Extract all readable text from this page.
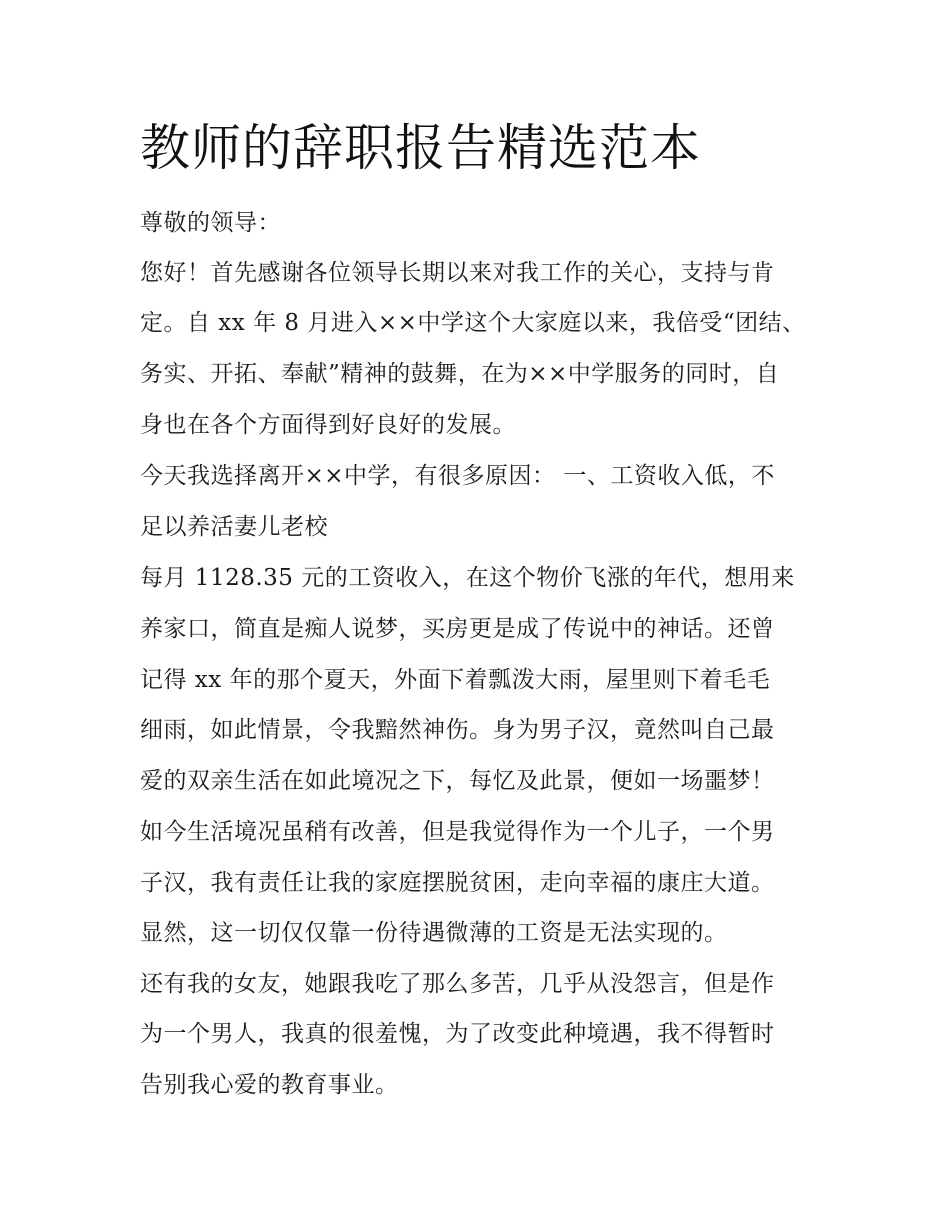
教师的辞职报告精选范本

尊敬的领导：

您好！首先感谢各位领导长期以来对我工作的关心，支持与肯

定。自 xx 年 8 月进入××中学这个大家庭以来，我倍受“团结、

务实、开拓、奉献”精神的鼓舞，在为××中学服务的同时，自

身也在各个方面得到好良好的发展。

今天我选择离开××中学，有很多原因： 一、工资收入低，不

足以养活妻儿老校

每月 1128.35 元的工资收入，在这个物价飞涨的年代，想用来

养家口，简直是痴人说梦，买房更是成了传说中的神话。还曾

记得 xx 年的那个夏天，外面下着瓢泼大雨，屋里则下着毛毛

细雨，如此情景，令我黯然神伤。身为男子汉，竟然叫自己最

爱的双亲生活在如此境况之下，每忆及此景，便如一场噩梦！

如今生活境况虽稍有改善，但是我觉得作为一个儿子，一个男

子汉，我有责任让我的家庭摆脱贫困，走向幸福的康庄大道。

显然，这一切仅仅靠一份待遇微薄的工资是无法实现的。

还有我的女友，她跟我吃了那么多苦，几乎从没怨言，但是作

为一个男人，我真的很羞愧，为了改变此种境遇，我不得暂时

告别我心爱的教育事业。
